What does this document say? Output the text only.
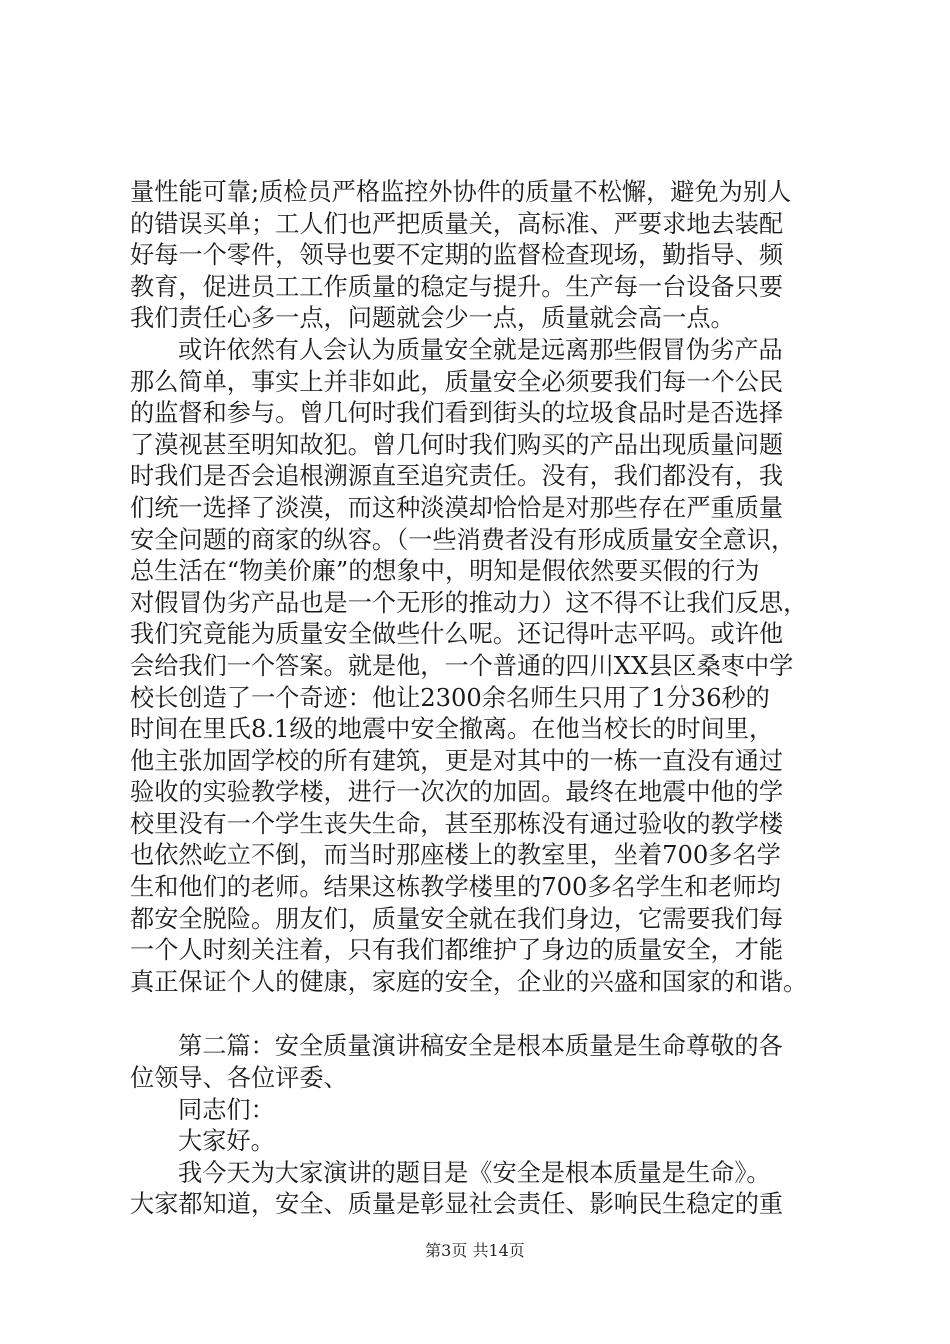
量性能可靠;质检员严格监控外协件的质量不松懈，避免为别人
的错误买单；工人们也严把质量关，高标准、严要求地去装配
好每一个零件，领导也要不定期的监督检查现场，勤指导、频
教育，促进员工工作质量的稳定与提升。生产每一台设备只要
我们责任心多一点，问题就会少一点，质量就会高一点。
或许依然有人会认为质量安全就是远离那些假冒伪劣产品
那么简单，事实上并非如此，质量安全必须要我们每一个公民
的监督和参与。曾几何时我们看到街头的垃圾食品时是否选择
了漠视甚至明知故犯。曾几何时我们购买的产品出现质量问题
时我们是否会追根溯源直至追究责任。没有，我们都没有，我
们统一选择了淡漠，而这种淡漠却恰恰是对那些存在严重质量
安全问题的商家的纵容。（一些消费者没有形成质量安全意识，
总生活在“物美价廉”的想象中，明知是假依然要买假的行为
对假冒伪劣产品也是一个无形的推动力）这不得不让我们反思，
我们究竟能为质量安全做些什么呢。还记得叶志平吗。或许他
会给我们一个答案。就是他，一个普通的四川XX县区桑枣中学
校长创造了一个奇迹：他让2300余名师生只用了1分36秒的
时间在里氏8.1级的地震中安全撤离。在他当校长的时间里，
他主张加固学校的所有建筑，更是对其中的一栋一直没有通过
验收的实验教学楼，进行一次次的加固。最终在地震中他的学
校里没有一个学生丧失生命，甚至那栋没有通过验收的教学楼
也依然屹立不倒，而当时那座楼上的教室里，坐着700多名学
生和他们的老师。结果这栋教学楼里的700多名学生和老师均
都安全脱险。朋友们，质量安全就在我们身边，它需要我们每
一个人时刻关注着，只有我们都维护了身边的质量安全，才能
真正保证个人的健康，家庭的安全，企业的兴盛和国家的和谐。
第二篇：安全质量演讲稿安全是根本质量是生命尊敬的各
位领导、各位评委、
同志们：
大家好。
我今天为大家演讲的题目是《安全是根本质量是生命》。
大家都知道，安全、质量是彰显社会责任、影响民生稳定的重
第3页 共14页
